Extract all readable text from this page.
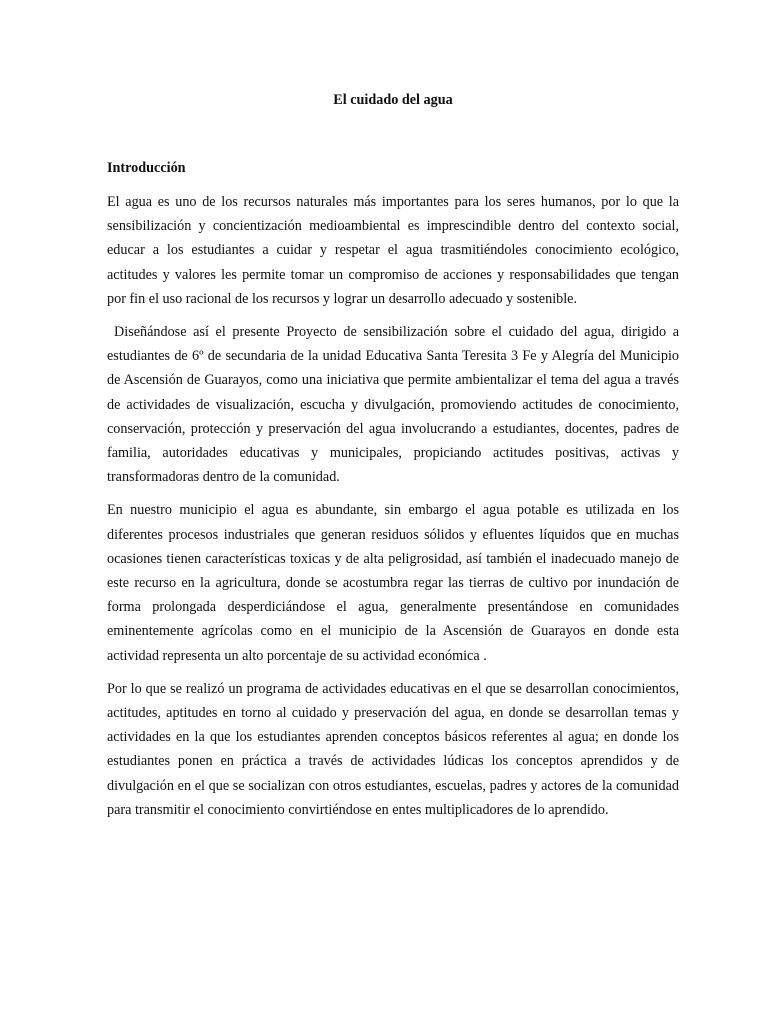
El cuidado del agua
Introducción

El agua es uno de los recursos naturales más importantes para los seres humanos, por lo que la sensibilización y concientización medioambiental es imprescindible dentro del contexto social, educar a los estudiantes a cuidar y respetar el agua trasmitiéndoles conocimiento ecológico, actitudes y valores les permite tomar un compromiso de acciones y responsabilidades que tengan por fin el uso racional de los recursos y lograr un desarrollo adecuado y sostenible.

Diseñándose así el presente Proyecto de sensibilización sobre el cuidado del agua, dirigido a estudiantes de 6º de secundaria de la unidad Educativa Santa Teresita 3 Fe y Alegría del Municipio de Ascensión de Guarayos, como una iniciativa que permite ambientalizar el tema del agua a través de actividades de visualización, escucha y divulgación, promoviendo actitudes de conocimiento, conservación, protección y preservación del agua involucrando a estudiantes, docentes, padres de familia, autoridades educativas y municipales, propiciando actitudes positivas, activas y transformadoras dentro de la comunidad.

En nuestro municipio el agua es abundante, sin embargo el agua potable es utilizada en los diferentes procesos industriales que generan residuos sólidos y efluentes líquidos que en muchas ocasiones tienen características toxicas y de alta peligrosidad, así también el inadecuado manejo de este recurso en la agricultura, donde se acostumbra regar las tierras de cultivo por inundación de forma prolongada desperdiciándose el agua, generalmente presentándose en comunidades eminentemente agrícolas como en el municipio de la Ascensión de Guarayos en donde esta actividad representa un alto porcentaje de su actividad económica .

Por lo que se realizó un programa de actividades educativas en el que se desarrollan conocimientos, actitudes, aptitudes en torno al cuidado y preservación del agua, en donde se desarrollan temas y actividades en la que los estudiantes aprenden conceptos básicos referentes al agua; en donde los estudiantes ponen en práctica a través de actividades lúdicas los conceptos aprendidos y de divulgación en el que se socializan con otros estudiantes, escuelas, padres y actores de la comunidad para transmitir el conocimiento convirtiéndose en entes multiplicadores de lo aprendido.
